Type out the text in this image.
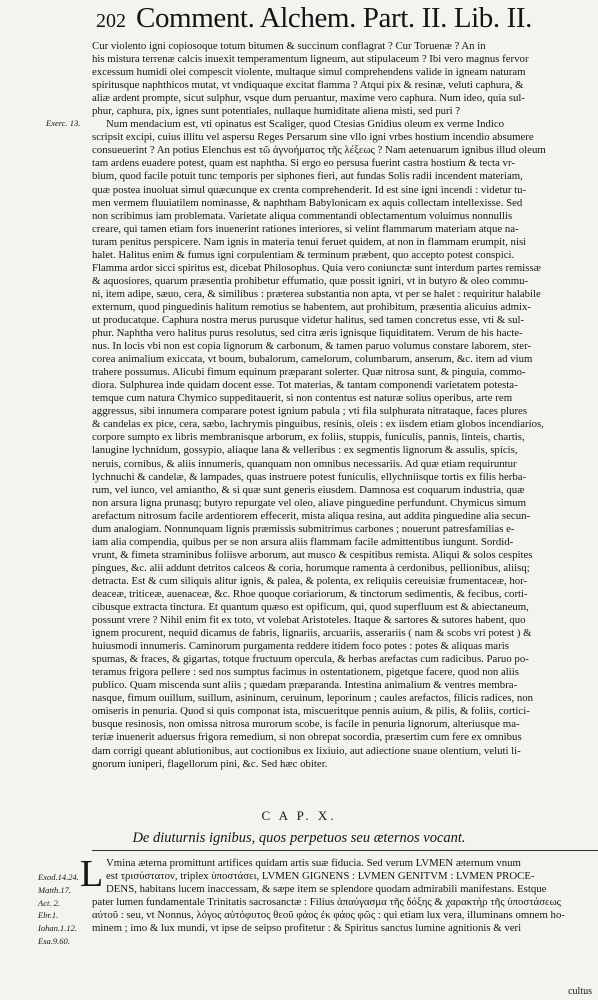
202 Comment. Alchem. Part. II. Lib. II.
Exerc. 13.
Cur violento igni copiosoque totum bitumen & succinum conflagrat ? Cur Toruenæ ? An in
his mistura terrenæ calcis inuexit temperamentum ligneum, aut stipulaceum ? Ibi vero magnus fervor
excessum humidi olei compescit violente, multaque simul comprehendens valide in igneam naturam
spiritusque naphthicos mutat, vt vndiquaque excitat flamma ? Atqui pix & resinæ, veluti caphura, &
aliæ ardent prompte, sicut sulphur, vsque dum peruantur, maxime vero caphura. Num ideo, quia sul-
phur, caphura, pix, ignes sunt potentiales, nullaque humiditate aliena misti, sed puri ?
Num mendacium est, vti opinatus est Scaliger, quod Ctesias Gnidius oleum ex verme Indico
scripsit excipi, cuius illitu vel aspersu Reges Persarum sine vllo igni vrbes hostium incendio absumere
consueuerint ? An potius Elenchus est τῶ ἀγνοήματος τῆς λέξεως ? Nam aetenuarum ignibus illud oleum
tam ardens euadere potest, quam est naphtha. Si ergo eo persusa fuerint castra hostium & tecta vr-
bium, quod facile potuit tunc temporis per siphones fieri, aut fundas Solis radii incendent materiam,
quæ postea inuoluat simul quæcunque ex crenta comprehenderit. Id est sine igni incendi : videtur tu-
men vermem fluuiatilem nominasse, & naphtham Babylonicam ex aquis collectam intellexisse. Sed
non scribimus iam problemata. Varietate aliqua commentandi oblectamentum voluimus nonnullis
creare, qui tamen etiam fors inuenerint rationes interiores, si velint flammarum materiam atque na-
turam penitus perspicere. Nam ignis in materia tenui feruet quidem, at non in flammam erumpit, nisi
halet. Halitus enim & fumus igni corpulentiam & terminum præbent, quo accepto potest conspici.
Flamma ardor sicci spiritus est, dicebat Philosophus. Quia vero coniunctæ sunt interdum partes remissæ
& aquosiores, quarum præsentia prohibetur effumatio, quæ possit igniri, vt in butyro & oleo commu-
ni, item adipe, sæuo, cera, & similibus : præterea substantia non apta, vt per se halet : requiritur halabile
externum, quod pinguedinis halitum remotius se habentem, aut prohibitum, præsentia alicuius admix-
ut producatque. Caphura nostra merus purusque videtur halitus, sed tamen concretus esse, vti & sul-
phur. Naphtha vero halitus purus resolutus, sed citra æris ignisque liquiditatem. Verum de his hacte-
nus. In locis vbi non est copia lignorum & carbonum, & tamen paruo volumus constare laborem, ster-
corea animalium exiccata, vt boum, bubalorum, camelorum, columbarum, anserum, &c. item ad vium
trahere possumus. Alicubi fimum equinum præparant solerter. Quæ nitrosa sunt, & pinguia, commo-
diora. Sulphurea inde quidam docent esse. Tot materias, & tantam componendi varietatem potesta-
temque cum natura Chymico suppeditauerit, si non contentus est naturæ solius operibus, arte rem
aggressus, sibi innumera comparare potest ignium pabula ; vti fila sulphurata nitrataque, faces plures
& candelas ex pice, cera, sæbo, lachrymis pinguibus, resinis, oleis : ex iisdem etiam globos incendiarios,
corpore sumpto ex libris membranisque arborum, ex foliis, stuppis, funiculis, pannis, linteis, chartis,
lanugine lychnidum, gossypio, aliaque lana & velleribus : ex segmentis lignorum & assulis, spicis,
neruis, cornibus, & aliis innumeris, quanquam non omnibus necessariis. Ad quæ etiam requiruntur
lychnuchi & candelæ, & lampades, quas instruere potest funiculis, ellychniisque tortis ex filis herba-
rum, vel iunco, vel amiantho, & si quæ sunt generis eiusdem. Damnosa est coquarum industria, quæ
non arsura ligna prunasq; butyro repurgate vel oleo, aliave pinguedine perfundunt. Chymicus simum
arefactum nitrosum facile ardentiorem effecerit, mista aliqua resina, aut addita pinguedine alia secun-
dum analogiam. Nonnunquam lignis præmissis submitrimus carbones ; nouerunt patresfamilias e-
iam alia compendia, quibus per se non arsura aliis flammam facile admittentibus iungunt. Sordid-
vrunt, & fimeta straminibus foliisve arborum, aut musco & cespitibus remista. Aliqui & solos cespites
pingues, &c. alii addunt detritos calceos & coria, horumque ramenta à cerdonibus, pellionibus, aliisq;
detracta. Est & cum siliquis alitur ignis, & palea, & polenta, ex reliquiis cereuisiæ frumentaceæ, hor-
deaceæ, triticeæ, auenaceæ, &c. Rhoe quoque coriariorum, & tinctorum sedimentis, & fecibus, corti-
cibusque extracta tinctura. Et quantum quæso est opificum, qui, quod superfluum est & abiectaneum,
possunt vrere ? Nihil enim fit ex toto, vt volebat Aristoteles. Itaque & sartores & sutores habent, quo
ignem procurent, nequid dicamus de fabris, lignariis, arcuariis, asserariis ( nam & scobs vri potest ) &
huiusmodi innumeris. Caminorum purgamenta reddere itidem foco potes : potes & aliquas maris
spumas, & fraces, & gigartas, totque fructuum opercula, & herbas arefactas cum radicibus. Paruo po-
teramus frigora pellere : sed nos sumptus facimus in ostentationem, pigetque facere, quod non aliis
publico. Quam miscenda sunt aliis ; quædam præparanda. Intestina animalium & ventres membra-
nasque, fimum ouillum, suillum, asininum, ceruinum, leporinum ; caules arefactos, filicis radices, non
omiseris in penuria. Quod si quis componat ista, miscueritque pennis auium, & pilis, & foliis, cortici-
busque resinosis, non omissa nitrosa murorum scobe, is facile in penuria lignorum, alteriusque ma-
teriæ inuenerit aduersus frigora remedium, si non obrepat socordia, præsertim cum fere ex omnibus
dam corrigi queant ablutionibus, aut coctionibus ex lixiuio, aut adiectione suaue olentium, veluti li-
gnorum iuniperi, flagellorum pini, &c. Sed hæc obiter.
C A P. X.
De diuturnis ignibus, quos perpetuos seu æternos vocant.
L Vmina æterna promittunt artifices quidam artis suæ fiducia. Sed verum LVMEN æternum vnum
est τρισύστατον, triplex ὑποστάσει, LVMEN GIGNENS : LVMEN GENITVM : LVMEN PROCE-
DENS, habitans lucem inaccessam, & sæpe item se splendore quodam admirabili manifestans. Estque
pater lumen fundamentale Trinitatis sacrosanctæ : Filius ἀπαύγασμα τῆς δόξης & χαρακτὴρ τῆς ὑποστάσεως
αὐτοῦ : seu, vt Nonnus, λόγος αὐτόφυτος θεοῦ φάος ἐκ φάος φῶς : qui etiam lux vera, illuminans omnem ho-
minem ; imo & lux mundi, vt ipse de seipso profitetur : & Spiritus sanctus lumine agnitionis & veri
Exod.14.24.
Matth.17.
Act. 2.
Ebr.1.
Iohan.1.12.
Esa.9.60.
cultus
